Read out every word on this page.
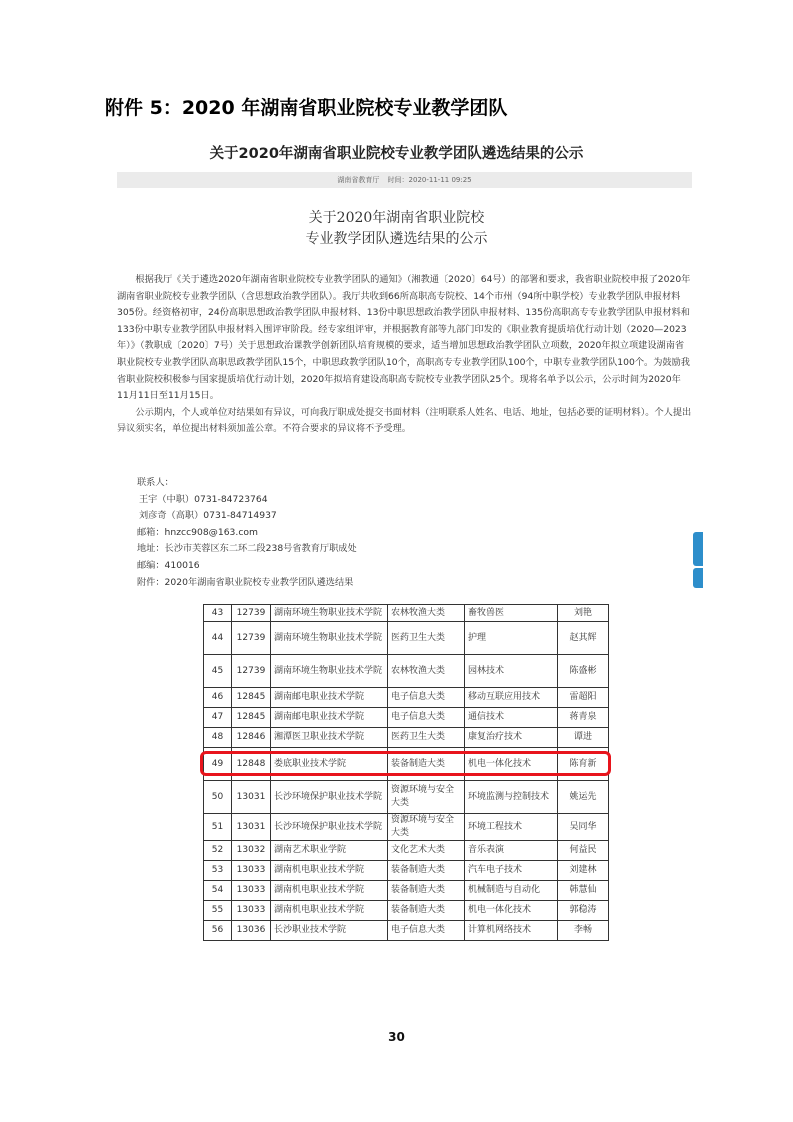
附件 5：2020 年湖南省职业院校专业教学团队
关于2020年湖南省职业院校专业教学团队遴选结果的公示
湖南省教育厅 时间：2020-11-11 09:25
关于2020年湖南省职业院校
专业教学团队遴选结果的公示

根据我厅《关于遴选2020年湖南省职业院校专业教学团队的通知》（湘教通〔2020〕64号）的部署和要求，我省职业院校申报了2020年湖南省职业院校专业教学团队（含思想政治教学团队）。我厅共收到66所高职高专院校、14个市州（94所中职学校）专业教学团队申报材料305份。经资格初审，24份高职思想政治教学团队申报材料、13份中职思想政治教学团队申报材料、135份高职高专专业教学团队申报材料和133份中职专业教学团队申报材料入围评审阶段。经专家组评审，并根据教育部等九部门印发的《职业教育提质培优行动计划（2020—2023年）》（教职成〔2020〕7号）关于思想政治课教学创新团队培育规模的要求，适当增加思想政治教学团队立项数，2020年拟立项建设湖南省职业院校专业教学团队高职思政教学团队15个，中职思政教学团队10个，高职高专专业教学团队100个，中职专业教学团队100个。为鼓励我省职业院校积极参与国家提质培优行动计划，2020年拟培育建设高职高专院校专业教学团队25个。现将名单予以公示，公示时间为2020年11月11日至11月15日。

公示期内，个人或单位对结果如有异议，可向我厅职成处提交书面材料（注明联系人姓名、电话、地址，包括必要的证明材料）。个人提出异议须实名，单位提出材料须加盖公章。不符合要求的异议将不予受理。

联系人：
王宇（中职）0731-84723764
刘彦奇（高职）0731-84714937
邮箱：hnzcc908@163.com
地址：长沙市芙蓉区东二环二段238号省教育厅职成处
邮编：410016
附件：2020年湖南省职业院校专业教学团队遴选结果
43	12739	湖南环境生物职业技术学院	农林牧渔大类	畜牧兽医	刘艳
44	12739	湖南环境生物职业技术学院	医药卫生大类	护理	赵其辉
45	12739	湖南环境生物职业技术学院	农林牧渔大类	园林技术	陈盛彬
46	12845	湖南邮电职业技术学院	电子信息大类	移动互联应用技术	雷超阳
47	12845	湖南邮电职业技术学院	电子信息大类	通信技术	蒋青泉
48	12846	湘潭医卫职业技术学院	医药卫生大类	康复治疗技术	谭进
49	12848	娄底职业技术学院	装备制造大类	机电一体化技术	陈育新
50	13031	长沙环境保护职业技术学院	资源环境与安全大类	环境监测与控制技术	姚运先
51	13031	长沙环境保护职业技术学院	资源环境与安全大类	环境工程技术	吴同华
52	13032	湖南艺术职业学院	文化艺术大类	音乐表演	何益民
53	13033	湖南机电职业技术学院	装备制造大类	汽车电子技术	刘建林
54	13033	湖南机电职业技术学院	装备制造大类	机械制造与自动化	韩慧仙
55	13033	湖南机电职业技术学院	装备制造大类	机电一体化技术	郭稳涛
56	13036	长沙职业技术学院	电子信息大类	计算机网络技术	李畅
30
